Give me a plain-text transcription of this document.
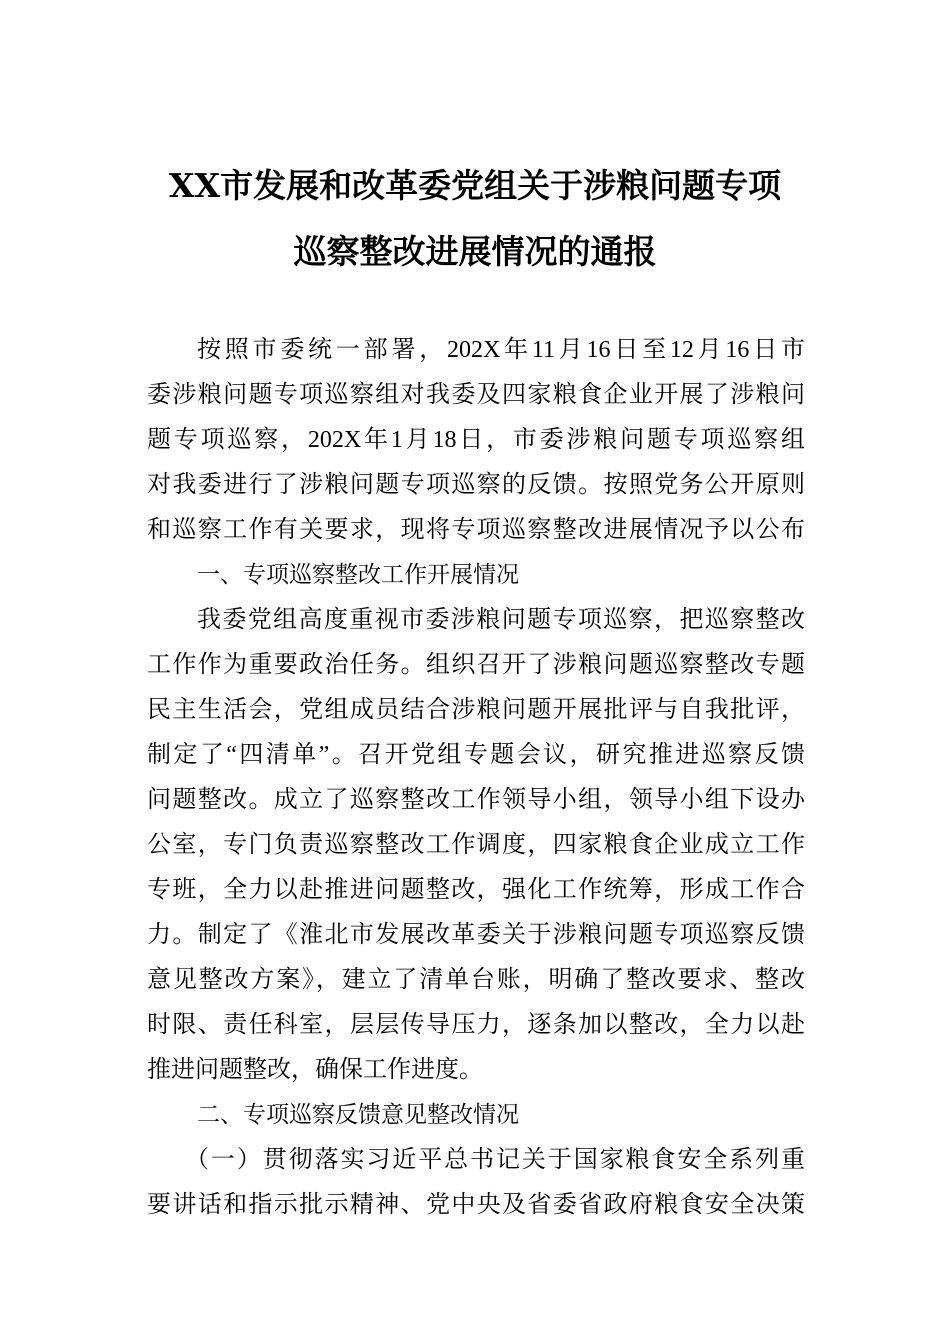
XX市发展和改革委党组关于涉粮问题专项
巡察整改进展情况的通报
按照市委统一部署，202X年11月16日至12月16日市
委涉粮问题专项巡察组对我委及四家粮食企业开展了涉粮问
题专项巡察，202X年1月18日，市委涉粮问题专项巡察组
对我委进行了涉粮问题专项巡察的反馈。按照党务公开原则
和巡察工作有关要求，现将专项巡察整改进展情况予以公布
一、专项巡察整改工作开展情况
我委党组高度重视市委涉粮问题专项巡察，把巡察整改
工作作为重要政治任务。组织召开了涉粮问题巡察整改专题
民主生活会，党组成员结合涉粮问题开展批评与自我批评，
制定了“四清单”。召开党组专题会议，研究推进巡察反馈
问题整改。成立了巡察整改工作领导小组，领导小组下设办
公室，专门负责巡察整改工作调度，四家粮食企业成立工作
专班，全力以赴推进问题整改，强化工作统筹，形成工作合
力。制定了《淮北市发展改革委关于涉粮问题专项巡察反馈
意见整改方案》，建立了清单台账，明确了整改要求、整改
时限、责任科室，层层传导压力，逐条加以整改，全力以赴
推进问题整改，确保工作进度。
二、专项巡察反馈意见整改情况
（一）贯彻落实习近平总书记关于国家粮食安全系列重
要讲话和指示批示精神、党中央及省委省政府粮食安全决策
